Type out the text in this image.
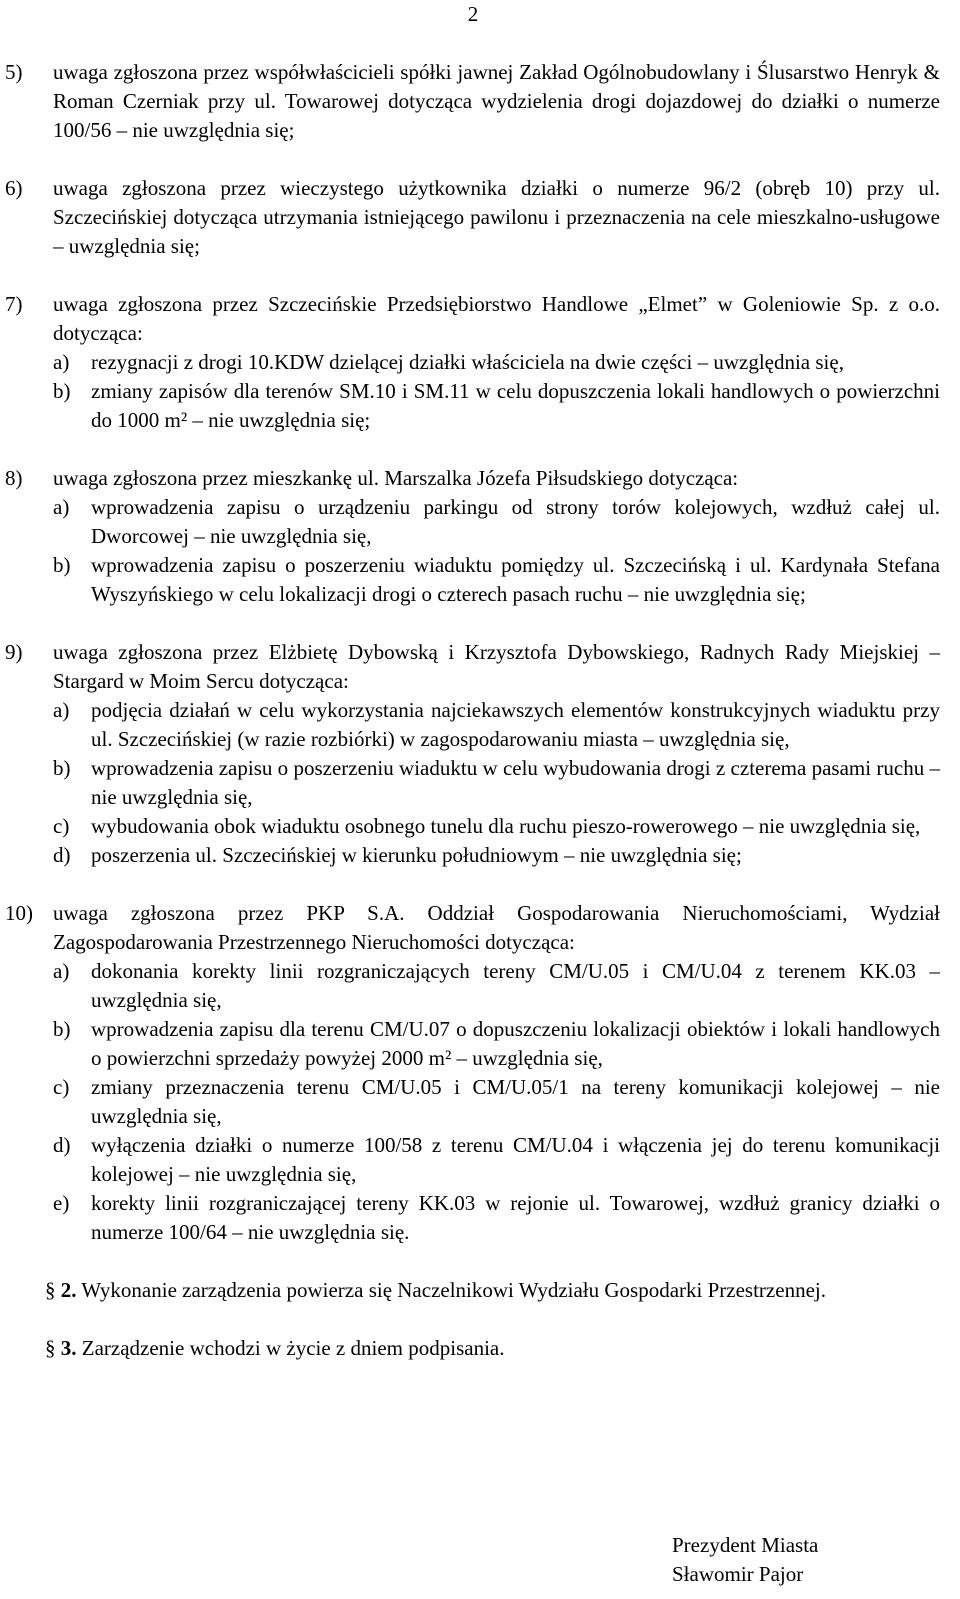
2
5) uwaga zgłoszona przez współwłaścicieli spółki jawnej Zakład Ogólnobudowlany i Ślusarstwo Henryk & Roman Czerniak przy ul. Towarowej dotycząca wydzielenia drogi dojazdowej do działki o numerze 100/56 – nie uwzględnia się;
6) uwaga zgłoszona przez wieczystego użytkownika działki o numerze 96/2 (obręb 10) przy ul. Szczecińskiej dotycząca utrzymania istniejącego pawilonu i przeznaczenia na cele mieszkalno-usługowe – uwzględnia się;
7) uwaga zgłoszona przez Szczecińskie Przedsiębiorstwo Handlowe „Elmet” w Goleniowie Sp. z o.o. dotycząca:
a) rezygnacji z drogi 10.KDW dzielącej działki właściciela na dwie części – uwzględnia się,
b) zmiany zapisów dla terenów SM.10 i SM.11 w celu dopuszczenia lokali handlowych o powierzchni do 1000 m² – nie uwzględnia się;
8) uwaga zgłoszona przez mieszkankę ul. Marszalka Józefa Piłsudskiego dotycząca:
a) wprowadzenia zapisu o urządzeniu parkingu od strony torów kolejowych, wzdłuż całej ul. Dworcowej – nie uwzględnia się,
b) wprowadzenia zapisu o poszerzeniu wiaduktu pomiędzy ul. Szczecińską i ul. Kardynała Stefana Wyszyńskiego w celu lokalizacji drogi o czterech pasach ruchu – nie uwzględnia się;
9) uwaga zgłoszona przez Elżbietę Dybowską i Krzysztofa Dybowskiego, Radnych Rady Miejskiej – Stargard w Moim Sercu dotycząca:
a) podjęcia działań w celu wykorzystania najciekawszych elementów konstrukcyjnych wiaduktu przy ul. Szczecińskiej (w razie rozbiórki) w zagospodarowaniu miasta – uwzględnia się,
b) wprowadzenia zapisu o poszerzeniu wiaduktu w celu wybudowania drogi z czterema pasami ruchu – nie uwzględnia się,
c) wybudowania obok wiaduktu osobnego tunelu dla ruchu pieszo-rowerowego – nie uwzględnia się,
d) poszerzenia ul. Szczecińskiej w kierunku południowym – nie uwzględnia się;
10) uwaga zgłoszona przez PKP S.A. Oddział Gospodarowania Nieruchomościami, Wydział Zagospodarowania Przestrzennego Nieruchomości dotycząca:
a) dokonania korekty linii rozgraniczających tereny CM/U.05 i CM/U.04 z terenem KK.03 – uwzględnia się,
b) wprowadzenia zapisu dla terenu CM/U.07 o dopuszczeniu lokalizacji obiektów i lokali handlowych o powierzchni sprzedaży powyżej 2000 m² – uwzględnia się,
c) zmiany przeznaczenia terenu CM/U.05 i CM/U.05/1 na tereny komunikacji kolejowej – nie uwzględnia się,
d) wyłączenia działki o numerze 100/58 z terenu CM/U.04 i włączenia jej do terenu komunikacji kolejowej – nie uwzględnia się,
e) korekty linii rozgraniczającej tereny KK.03 w rejonie ul. Towarowej, wzdłuż granicy działki o numerze 100/64 – nie uwzględnia się.
§ 2. Wykonanie zarządzenia powierza się Naczelnikowi Wydziału Gospodarki Przestrzennej.
§ 3. Zarządzenie wchodzi w życie z dniem podpisania.
Prezydent Miasta
Sławomir Pajor
